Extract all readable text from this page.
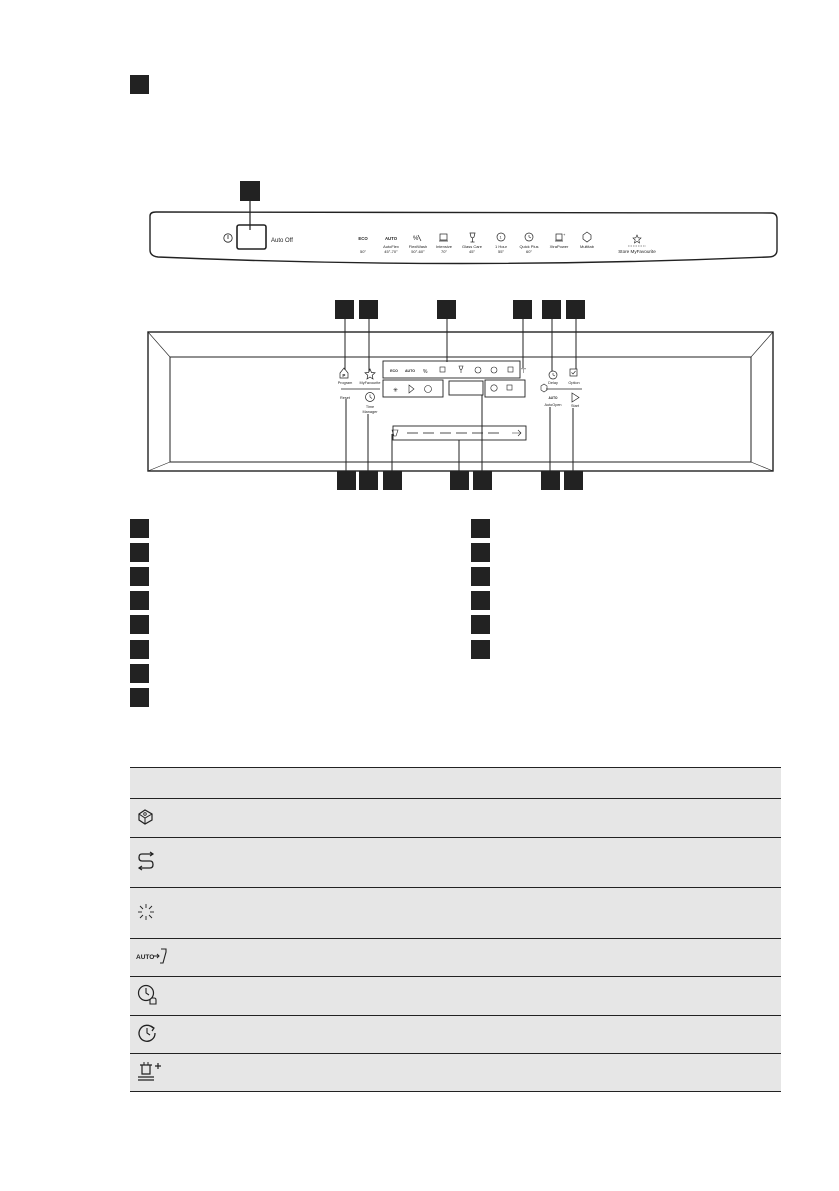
Auto Off	ECO
50°
AUTO
AutoFlex
45°-70°
%
FlexiWash
50°-60°
Intensive
70°
Glass Care
45°
1
1 Hour
55°
Quick Plus
60°
+
XtraPower	Multitab
Store MyFavourite
P
Program MyFavourite
Reset
Time
Manager
ECO AUTO %	"|"
Delay	Option
✳
AUTO
AutoOpen Start

AUTO
